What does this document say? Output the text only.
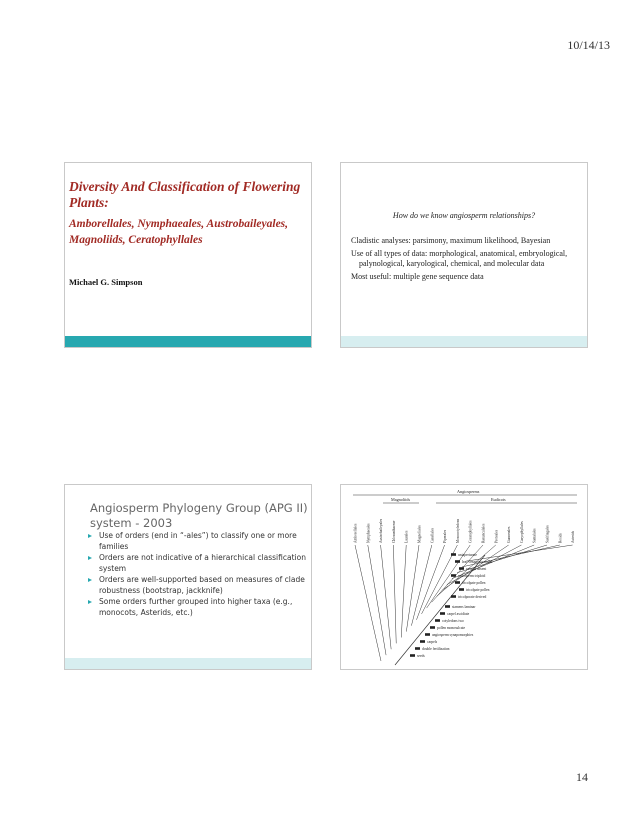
10/14/13
Diversity And Classification of Flowering Plants:
Amborellales, Nymphaeales, Austrobaileyales, Magnoliids, Ceratophyllales
Michael G. Simpson
How do we know angiosperm relationships?

Cladistic analyses: parsimony, maximum likelihood, Bayesian

Use of all types of data: morphological, anatomical, embryological, palynological, karyological, chemical, and molecular data

Most useful: multiple gene sequence data

Angiosperm Phylogeny Group (APG II) system - 2003
Use of orders (end in “-ales”) to classify one or more families
Orders are not indicative of a hierarchical classification system
Orders are well-supported based on measures of clade robustness (bootstrap, jackknife)
Some orders further grouped into higher taxa (e.g., monocots, Asterids, etc.)
Angiosperms
Magnoliids	Eudicots
Amborellales Nymphaeales Austrobaileyales Chloranthaceae Laurales Magnoliales Canellales Piperales Monocotyledons Ceratophyllales Ranunculales Proteales Gunnerales Caryophyllales Santalales Saxifragales Rosids Asterids
uniaperturate
leaf venation parallel
vessels absent
endosperm triploid
tricolpate pollen
tricolpate pollen
tricolporate derived
stamens laminar
carpel ascidiate
cotyledons two
pollen monosulcate
angiosperm synapomorphies
carpels
double fertilization
seeds
14
